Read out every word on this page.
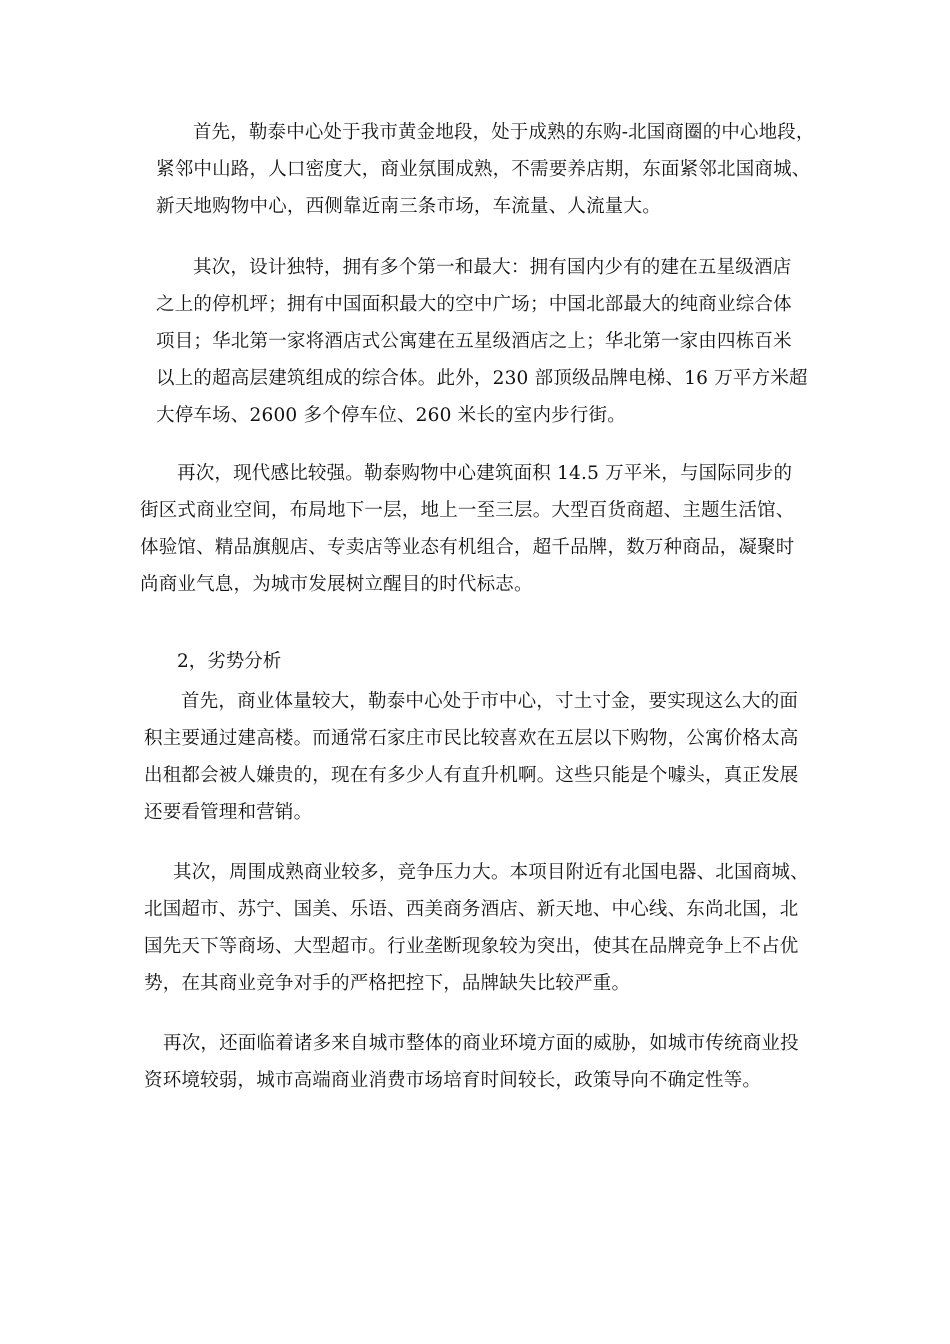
首先，勒泰中心处于我市黄金地段，处于成熟的东购-北国商圈的中心地段，
紧邻中山路，人口密度大，商业氛围成熟，不需要养店期，东面紧邻北国商城、
新天地购物中心，西侧靠近南三条市场，车流量、人流量大。
其次，设计独特，拥有多个第一和最大：拥有国内少有的建在五星级酒店
之上的停机坪；拥有中国面积最大的空中广场；中国北部最大的纯商业综合体
项目；华北第一家将酒店式公寓建在五星级酒店之上；华北第一家由四栋百米
以上的超高层建筑组成的综合体。此外，230 部顶级品牌电梯、16 万平方米超
大停车场、2600 多个停车位、260 米长的室内步行街。
再次，现代感比较强。勒泰购物中心建筑面积 14.5 万平米，与国际同步的
街区式商业空间，布局地下一层，地上一至三层。大型百货商超、主题生活馆、
体验馆、精品旗舰店、专卖店等业态有机组合，超千品牌，数万种商品，凝聚时
尚商业气息，为城市发展树立醒目的时代标志。
2，劣势分析
首先，商业体量较大，勒泰中心处于市中心，寸土寸金，要实现这么大的面
积主要通过建高楼。而通常石家庄市民比较喜欢在五层以下购物，公寓价格太高
出租都会被人嫌贵的，现在有多少人有直升机啊。这些只能是个噱头，真正发展
还要看管理和营销。
其次，周围成熟商业较多，竞争压力大。本项目附近有北国电器、北国商城、
北国超市、苏宁、国美、乐语、西美商务酒店、新天地、中心线、东尚北国，北
国先天下等商场、大型超市。行业垄断现象较为突出，使其在品牌竞争上不占优
势，在其商业竞争对手的严格把控下，品牌缺失比较严重。
再次，还面临着诸多来自城市整体的商业环境方面的威胁，如城市传统商业投
资环境较弱，城市高端商业消费市场培育时间较长，政策导向不确定性等。
